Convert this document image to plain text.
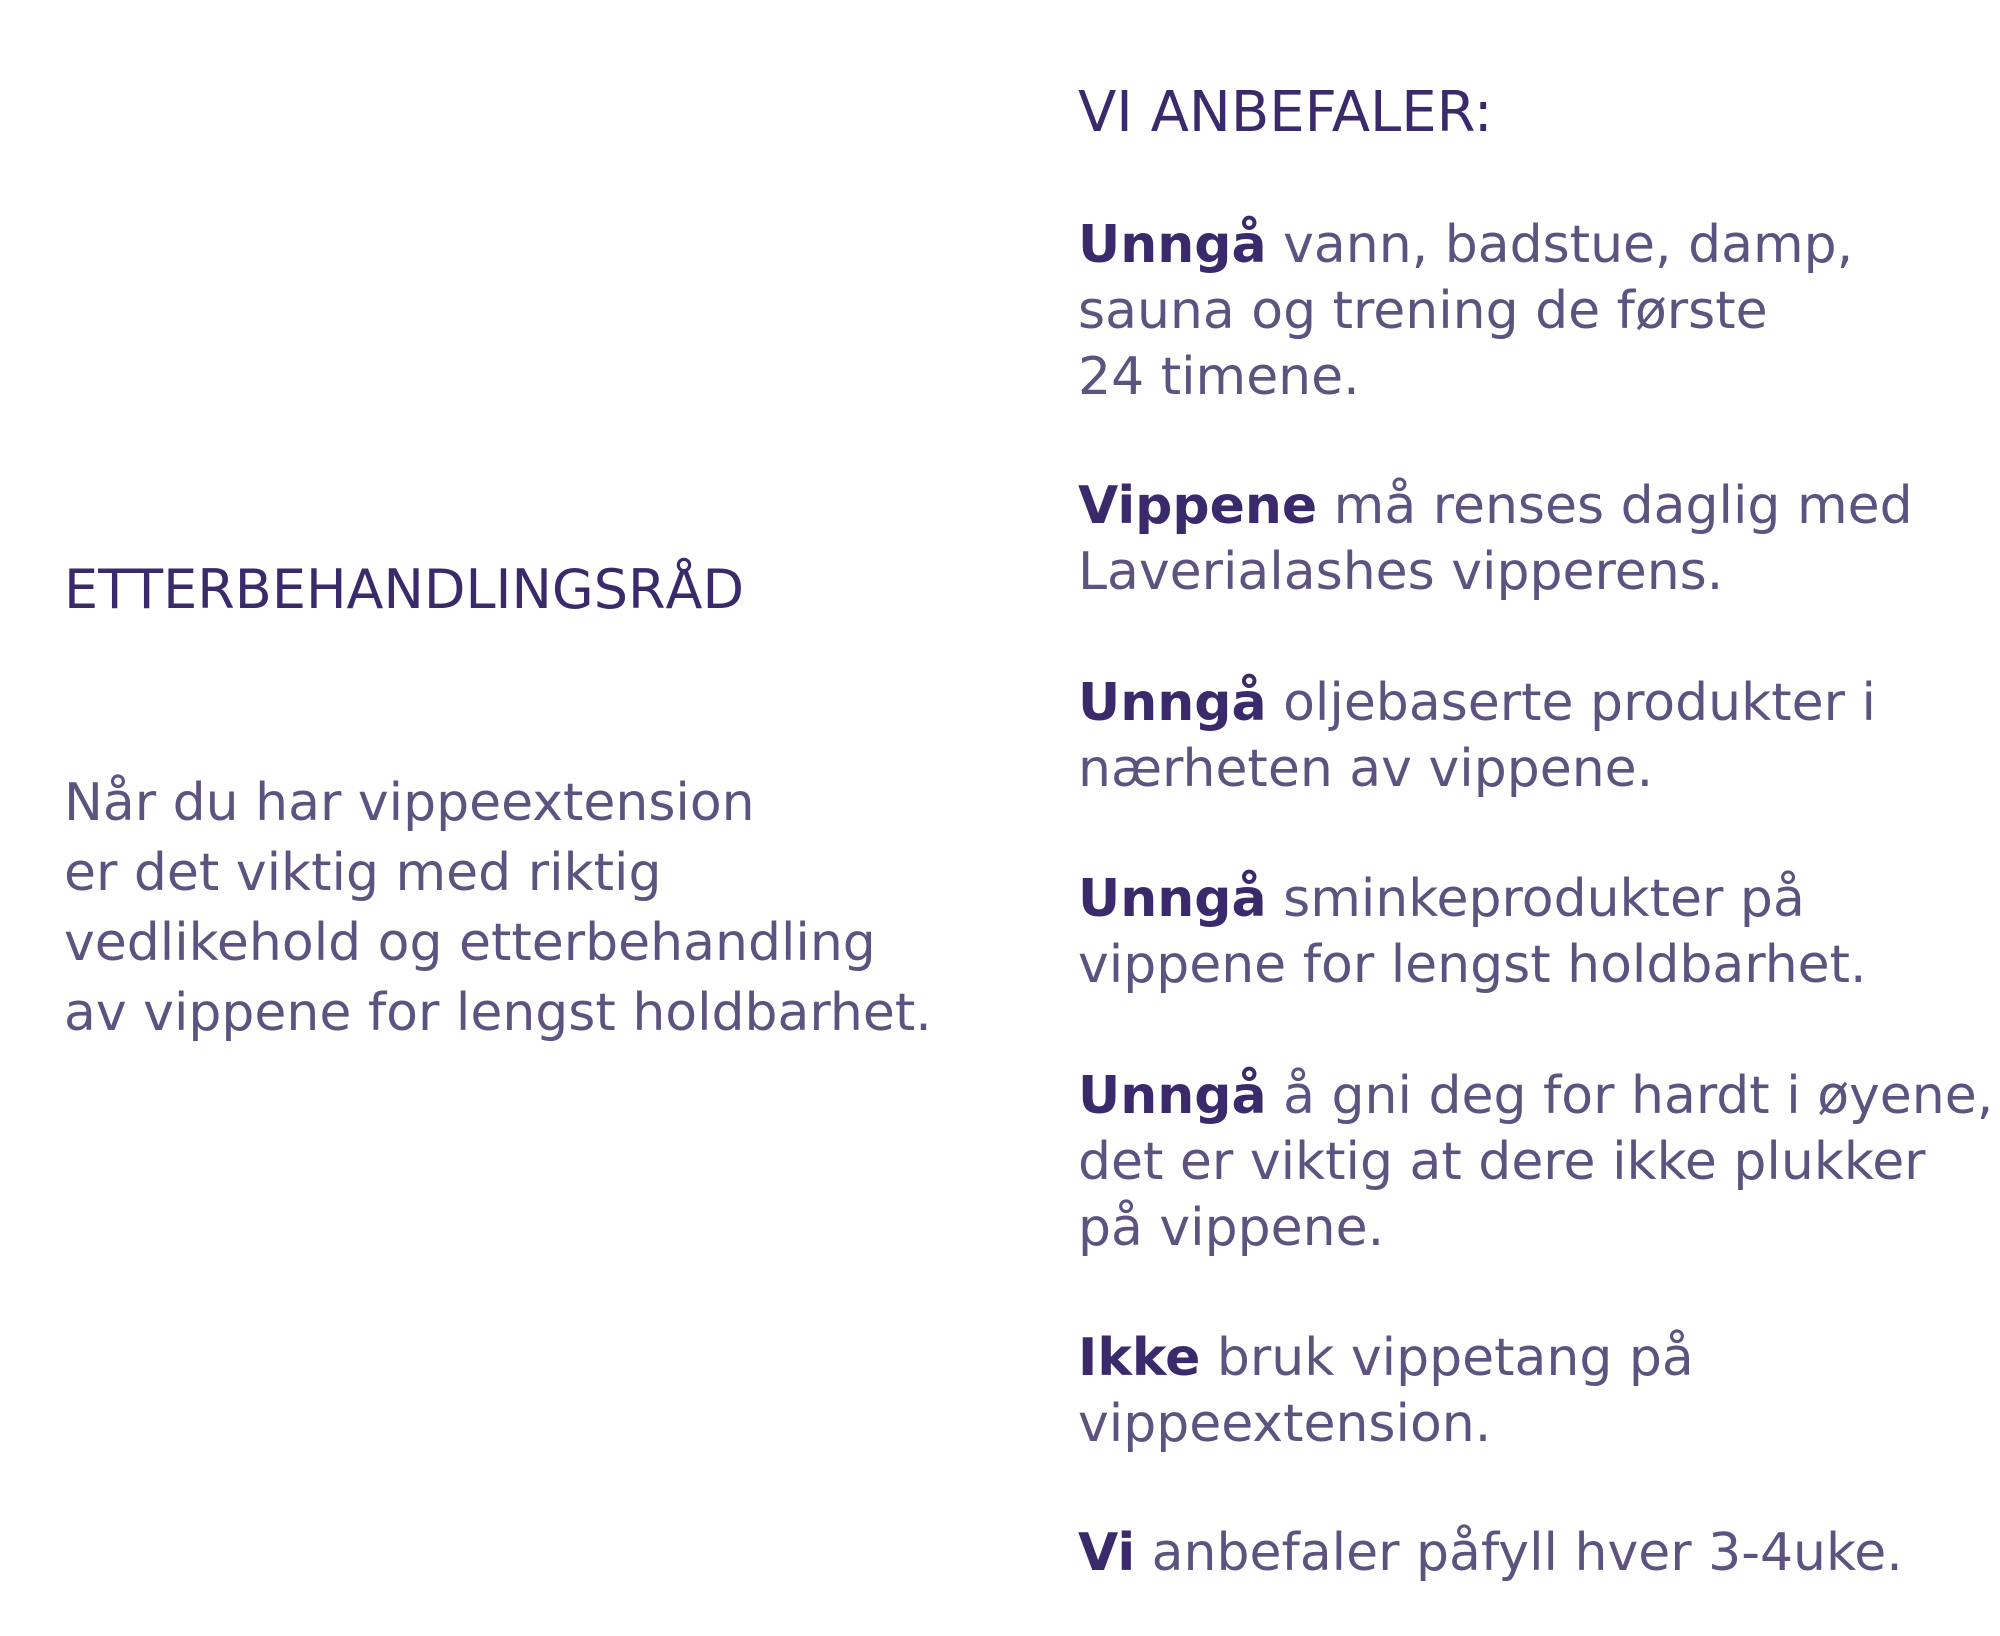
ETTERBEHANDLINGSRÅD
Når du har vippeextension
er det viktig med riktig
vedlikehold og etterbehandling
av vippene for lengst holdbarhet.
VI ANBEFALER:
Unngå vann, badstue, damp,
sauna og trening de første
24 timene.
Vippene må renses daglig med
Laverialashes vipperens.
Unngå oljebaserte produkter i
nærheten av vippene.
Unngå sminkeprodukter på
vippene for lengst holdbarhet.
Unngå å gni deg for hardt i øyene,
det er viktig at dere ikke plukker
på vippene.
Ikke bruk vippetang på
vippeextension.
Vi anbefaler påfyll hver 3-4uke.
